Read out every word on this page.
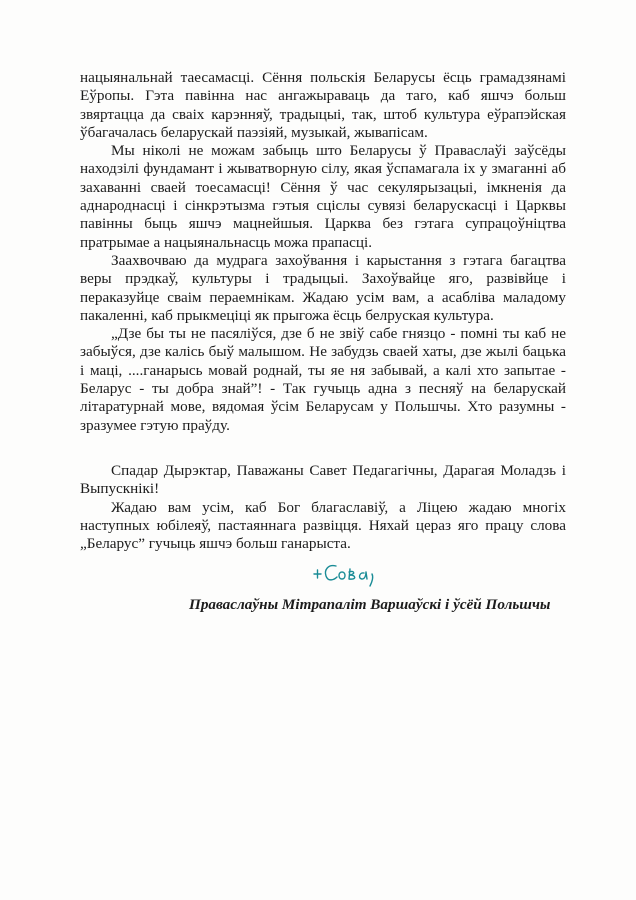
нацыянальнай таесамасці. Сёння польскія Беларусы ёсць грамадзянамі Еўропы. Гэта павінна нас ангажыраваць да таго, каб яшчэ больш звяртацца да сваіх карэнняў, традыцыі, так, штоб культура еўрапэйская ўбагачалась беларускай паэзіяй, музыкай, жывапісам.

Мы ніколі не можам забыць што Беларусы ў Праваслаўі заўсёды находзілі фундамант і жыватворную сілу, якая ўспамагала іх у змаганні аб захаванні сваей тоесамасці! Сёння ў час секулярызацыі, імкненія да аднароднасці і сінкрэтызма гэтыя сціслы сувязі беларускасці і Царквы павінны быць яшчэ мацнейшыя. Царква без гэтага супрацоўніцтва пратрымае а нацыянальнасць можа прапасці.

Заахвочваю да мудрага захоўвання і карыстання з гэтага багацтва веры прэдкаў, культуры і традыцыі. Захоўвайце яго, развівйце і пераказуйце сваім пераемнікам. Жадаю усім вам, а асабліва маладому пакаленні, каб прыкмеціці як прыгожа ёсць белруская культура.

„Дзе бы ты не пасяліўся, дзе б не звіў сабе гнязцо - помні ты каб не забыўся, дзе калісь быў малышом. Не забудзь сваей хаты, дзе жылі бацька і маці, ....ганарысь мовай роднай, ты яе ня забывай, а калі хто запытае - Беларус - ты добра знай”! - Так гучыць адна з песняў на беларускай літаратурнай мове, вядомая ўсім Беларусам у Польшчы. Хто разумны - зразумее гэтую праўду.

Спадар Дырэктар, Паважаны Савет Педагагічны, Дарагая Моладзь і Выпускнікі!

Жадаю вам усім, каб Бог благаславіў, а Ліцею жадаю многіх наступных юбілеяў, пастаяннага развіцця. Няхай цераз яго працу слова „Беларус” гучыць яшчэ больш ганарыста.

Праваслаўны Мітрапаліт Варшаўскі і ўсёй Польшчы
